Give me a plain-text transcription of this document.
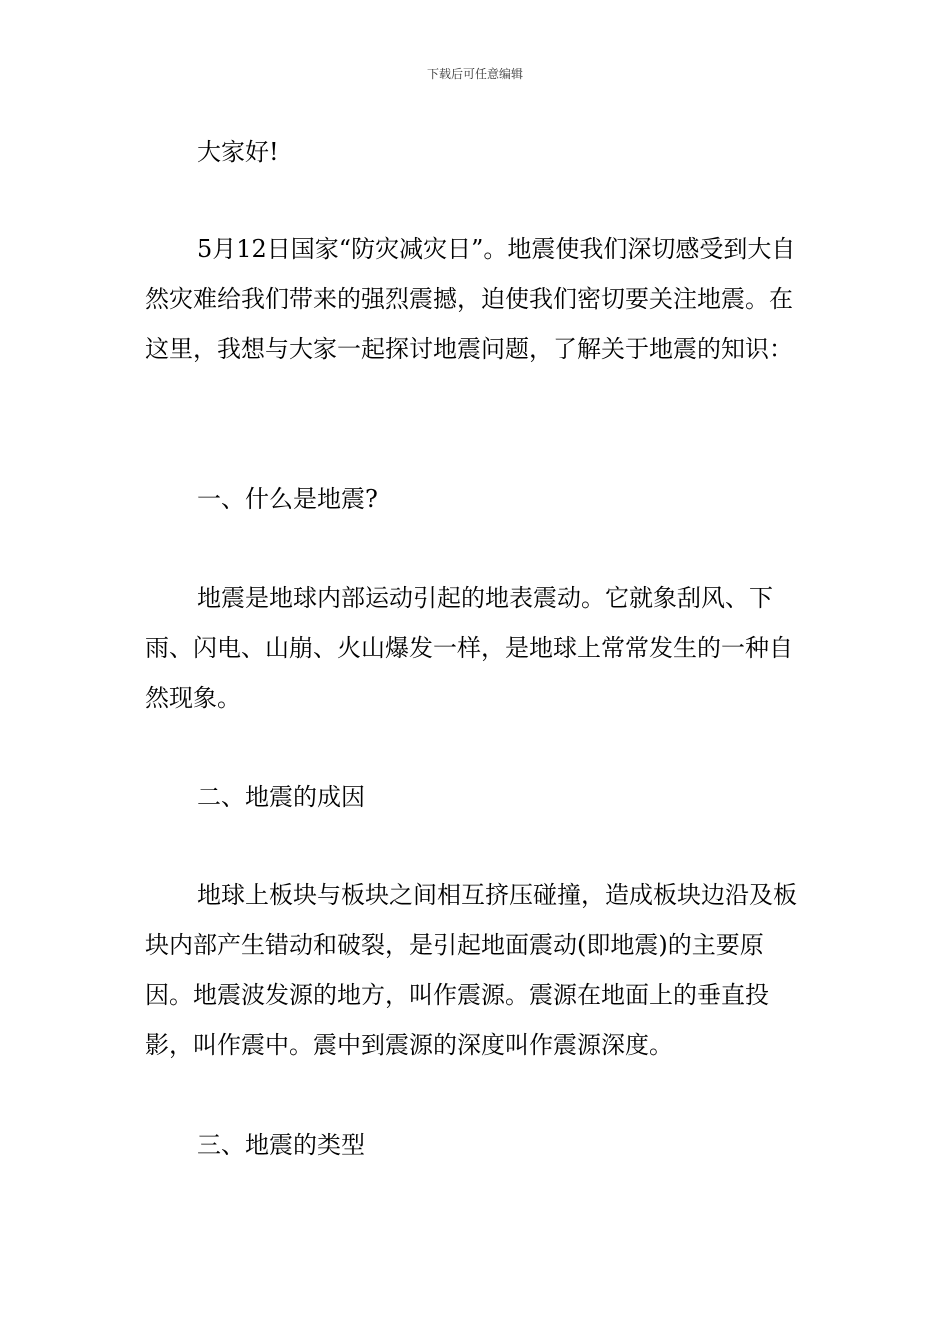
下载后可任意编辑

大家好!

5月12日国家“防灾减灾日”。地震使我们深切感受到大自然灾难给我们带来的强烈震撼，迫使我们密切要关注地震。在这里，我想与大家一起探讨地震问题，了解关于地震的知识：

一、什么是地震?

地震是地球内部运动引起的地表震动。它就象刮风、下雨、闪电、山崩、火山爆发一样，是地球上常常发生的一种自然现象。

二、地震的成因

地球上板块与板块之间相互挤压碰撞，造成板块边沿及板块内部产生错动和破裂，是引起地面震动(即地震)的主要原因。地震波发源的地方，叫作震源。震源在地面上的垂直投影，叫作震中。震中到震源的深度叫作震源深度。

三、地震的类型
